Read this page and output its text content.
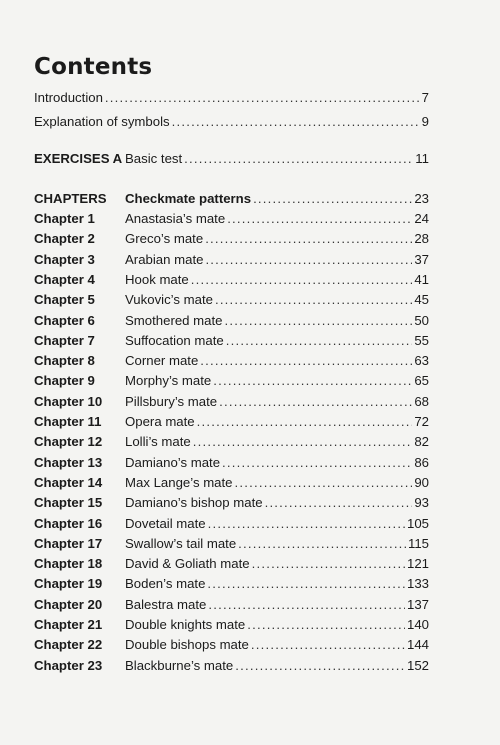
Contents
Introduction .....	7
Explanation of symbols .....	9
EXERCISES A Basic test .....	11
CHAPTERS Checkmate patterns .....	23
Chapter 1 Anastasia’s mate .....	24
Chapter 2 Greco’s mate .....	28
Chapter 3 Arabian mate .....	37
Chapter 4 Hook mate .....	41
Chapter 5 Vukovic’s mate .....	45
Chapter 6 Smothered mate .....	50
Chapter 7 Suffocation mate .....	55
Chapter 8 Corner mate .....	63
Chapter 9 Morphy’s mate .....	65
Chapter 10 Pillsbury’s mate .....	68
Chapter 11 Opera mate .....	72
Chapter 12 Lolli’s mate .....	82
Chapter 13 Damiano’s mate .....	86
Chapter 14 Max Lange’s mate .....	90
Chapter 15 Damiano’s bishop mate .....	93
Chapter 16 Dovetail mate .....	105
Chapter 17 Swallow’s tail mate .....	115
Chapter 18 David & Goliath mate .....	121
Chapter 19 Boden’s mate .....	133
Chapter 20 Balestra mate .....	137
Chapter 21 Double knights mate .....	140
Chapter 22 Double bishops mate .....	144
Chapter 23 Blackburne’s mate .....	152
